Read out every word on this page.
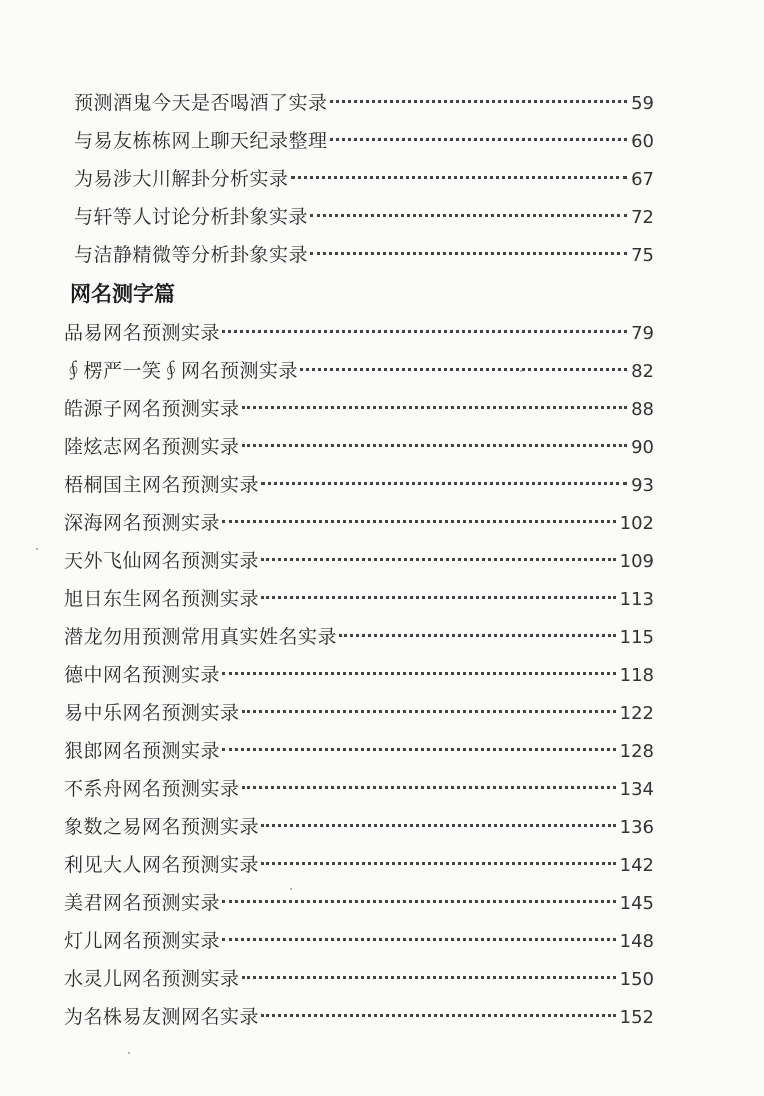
预测酒鬼今天是否喝酒了实录	59
与易友栋栋网上聊天纪录整理	60
为易涉大川解卦分析实录	67
与轩等人讨论分析卦象实录	72
与洁静精微等分析卦象实录	75
网名测字篇
品易网名预测实录	79
∮楞严一笑∮网名预测实录	82
皓源子网名预测实录	88
陸炫志网名预测实录	90
梧桐国主网名预测实录	93
深海网名预测实录	102
天外飞仙网名预测实录	109
旭日东生网名预测实录	113
潜龙勿用预测常用真实姓名实录	115
德中网名预测实录	118
易中乐网名预测实录	122
狠郎网名预测实录	128
不系舟网名预测实录	134
象数之易网名预测实录	136
利见大人网名预测实录	142
美君网名预测实录	145
灯儿网名预测实录	148
水灵儿网名预测实录	150
为名株易友测网名实录	152
